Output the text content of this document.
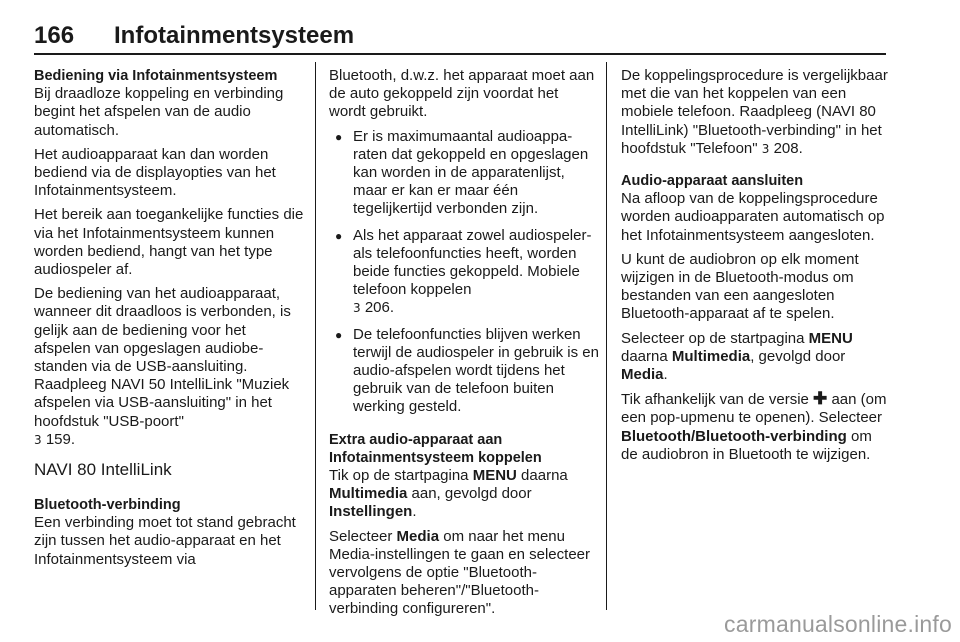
166 Infotainmentsysteem
Bediening via Infotainmentsysteem

Bij draadloze koppeling en verbinding begint het afspelen van de audio automatisch.

Het audioapparaat kan dan worden bediend via de displayopties van het Infotainmentsysteem.

Het bereik aan toegankelijke functies die via het Infotainmentsysteem kunnen worden bediend, hangt van het type audiospeler af.

De bediening van het audioapparaat, wanneer dit draadloos is verbonden, is gelijk aan de bediening voor het afspelen van opgeslagen audiobestanden via de USB-aansluiting. Raadpleeg NAVI 50 IntelliLink "Muziek afspelen via USB-aansluiting" in het hoofdstuk "USB-poort"
3 159.

NAVI 80 IntelliLink
Bluetooth-verbinding

Een verbinding moet tot stand gebracht zijn tussen het audio-apparaat en het Infotainmentsysteem via

Bluetooth, d.w.z. het apparaat moet aan de auto gekoppeld zijn voordat het wordt gebruikt.

● Er is maximumaantal audioapparaten dat gekoppeld en opgeslagen kan worden in de apparatenlijst, maar er kan er maar één tegelijkertijd verbonden zijn.
● Als het apparaat zowel audiospeler- als telefoonfuncties heeft, worden beide functies gekoppeld. Mobiele telefoon koppelen
3 206.
● De telefoonfuncties blijven werken terwijl de audiospeler in gebruik is en audio-afspelen wordt tijdens het gebruik van de telefoon buiten werking gesteld.
Extra audio-apparaat aan Infotainmentsysteem koppelen

Tik op de startpagina MENU daarna Multimedia aan, gevolgd door Instellingen.

Selecteer Media om naar het menu Media-instellingen te gaan en selecteer vervolgens de optie "Bluetooth-apparaten beheren"/"Bluetooth-verbinding configureren".

De koppelingsprocedure is vergelijkbaar met die van het koppelen van een mobiele telefoon. Raadpleeg (NAVI 80 IntelliLink) "Bluetooth-verbinding" in het hoofdstuk "Telefoon" 3 208.

Audio-apparaat aansluiten

Na afloop van de koppelingsprocedure worden audioapparaten automatisch op het Infotainmentsysteem aangesloten.

U kunt de audiobron op elk moment wijzigen in de Bluetooth-modus om bestanden van een aangesloten Bluetooth-apparaat af te spelen.

Selecteer op de startpagina MENU daarna Multimedia, gevolgd door Media.

Tik afhankelijk van de versie ✚ aan (om een pop-upmenu te openen). Selecteer Bluetooth/Bluetooth-verbinding om de audiobron in Bluetooth te wijzigen.

carmanualsonline.info
